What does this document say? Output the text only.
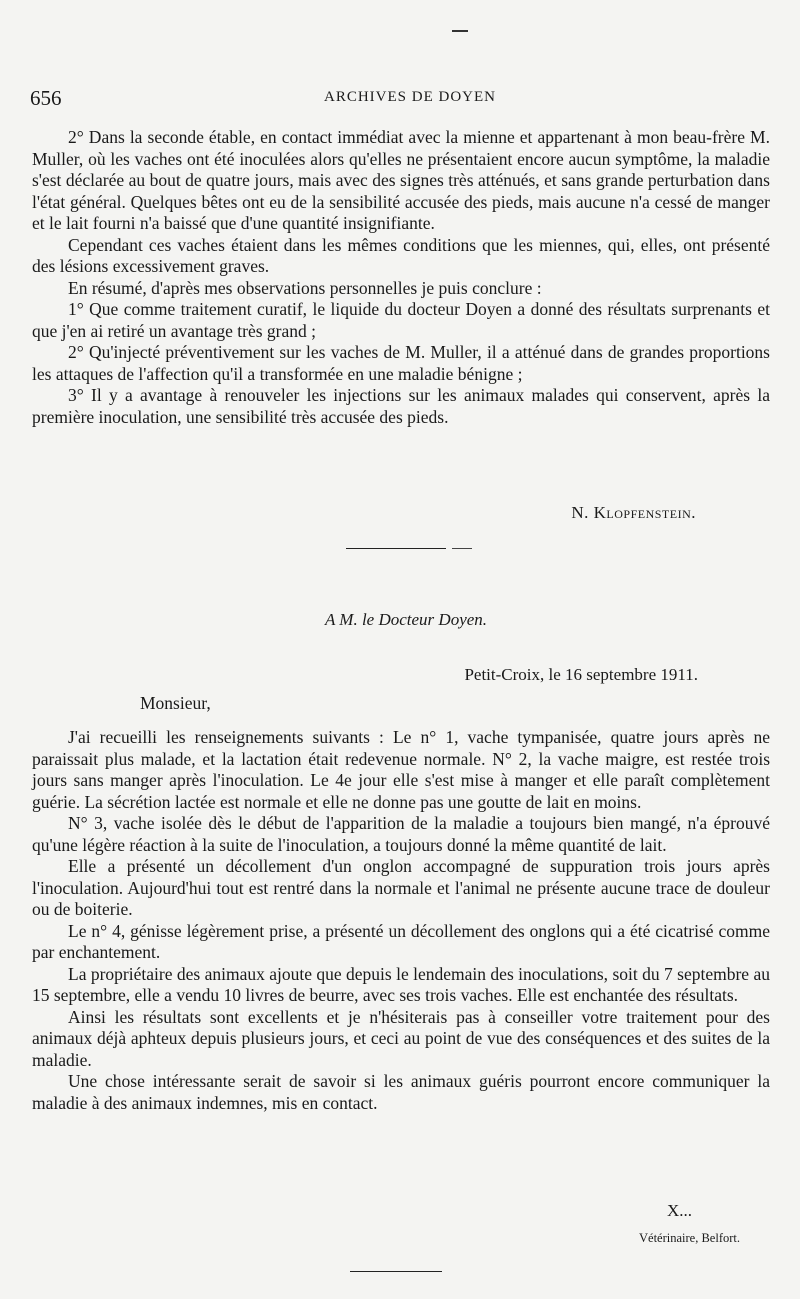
656	ARCHIVES DE DOYEN

2° Dans la seconde étable, en contact immédiat avec la mienne et appartenant à mon beau-frère M. Muller, où les vaches ont été inoculées alors qu'elles ne présentaient encore aucun symptôme, la maladie s'est déclarée au bout de quatre jours, mais avec des signes très atténués, et sans grande perturbation dans l'état général. Quelques bêtes ont eu de la sensibilité accusée des pieds, mais aucune n'a cessé de manger et le lait fourni n'a baissé que d'une quantité insignifiante.

Cependant ces vaches étaient dans les mêmes conditions que les miennes, qui, elles, ont présenté des lésions excessivement graves.

En résumé, d'après mes observations personnelles je puis conclure :

1° Que comme traitement curatif, le liquide du docteur Doyen a donné des résultats surprenants et que j'en ai retiré un avantage très grand ;

2° Qu'injecté préventivement sur les vaches de M. Muller, il a atténué dans de grandes proportions les attaques de l'affection qu'il a transformée en une maladie bénigne ;

3° Il y a avantage à renouveler les injections sur les animaux malades qui conservent, après la première inoculation, une sensibilité très accusée des pieds.

N. Klopfenstein.
A M. le Docteur Doyen.
Petit-Croix, le 16 septembre 1911.
Monsieur,

J'ai recueilli les renseignements suivants : Le n° 1, vache tympanisée, quatre jours après ne paraissait plus malade, et la lactation était redevenue normale. N° 2, la vache maigre, est restée trois jours sans manger après l'inoculation. Le 4e jour elle s'est mise à manger et elle paraît complètement guérie. La sécrétion lactée est normale et elle ne donne pas une goutte de lait en moins.

N° 3, vache isolée dès le début de l'apparition de la maladie a toujours bien mangé, n'a éprouvé qu'une légère réaction à la suite de l'inoculation, a toujours donné la même quantité de lait.

Elle a présenté un décollement d'un onglon accompagné de suppuration trois jours après l'inoculation. Aujourd'hui tout est rentré dans la normale et l'animal ne présente aucune trace de douleur ou de boiterie.

Le n° 4, génisse légèrement prise, a présenté un décollement des onglons qui a été cicatrisé comme par enchantement.

La propriétaire des animaux ajoute que depuis le lendemain des inoculations, soit du 7 septembre au 15 septembre, elle a vendu 10 livres de beurre, avec ses trois vaches. Elle est enchantée des résultats.

Ainsi les résultats sont excellents et je n'hésiterais pas à conseiller votre traitement pour des animaux déjà aphteux depuis plusieurs jours, et ceci au point de vue des conséquences et des suites de la maladie.

Une chose intéressante serait de savoir si les animaux guéris pourront encore communiquer la maladie à des animaux indemnes, mis en contact.

X...
Vétérinaire, Belfort.
